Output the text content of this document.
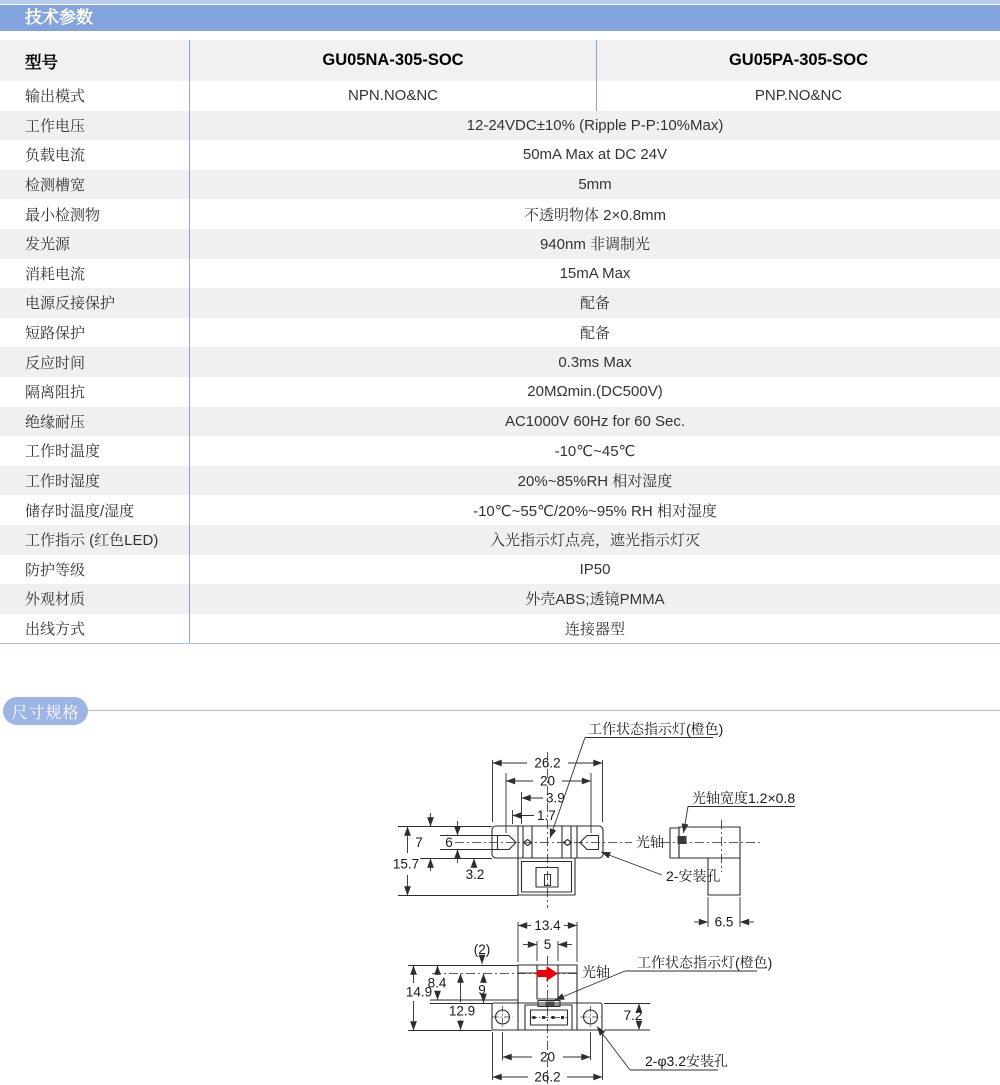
技术参数
型号	GU05NA-305-SOC	GU05PA-305-SOC
输出模式	NPN.NO&NC	PNP.NO&NC
工作电压	12-24VDC±10% (Ripple P-P:10%Max)
负载电流	50mA Max at DC 24V
检测槽宽	5mm
最小检测物	不透明物体 2×0.8mm
发光源	940nm 非调制光
消耗电流	15mA Max
电源反接保护	配备
短路保护	配备
反应时间	0.3ms Max
隔离阻抗	20MΩmin.(DC500V)
绝缘耐压	AC1000V 60Hz for 60 Sec.
工作时温度	-10℃~45℃
工作时湿度	20%~85%RH 相对湿度
储存时温度/湿度	-10℃~55℃/20%~95% RH 相对湿度
工作指示 (红色LED)	入光指示灯点亮，遮光指示灯灭
防护等级	IP50
外观材质	外壳ABS;透镜PMMA
出线方式	连接器型
尺寸规格
26.2
20
3.9
1.7
15.7
7 6
3.2
工作状态指示灯(橙色)
光轴
2-安装孔
光轴宽度1.2×0.8
6.5
13.4
5
(2)
14.9
8.4 9
12.9	7.2
20
26.2
光轴
工作状态指示灯(橙色)
2-φ3.2安装孔
